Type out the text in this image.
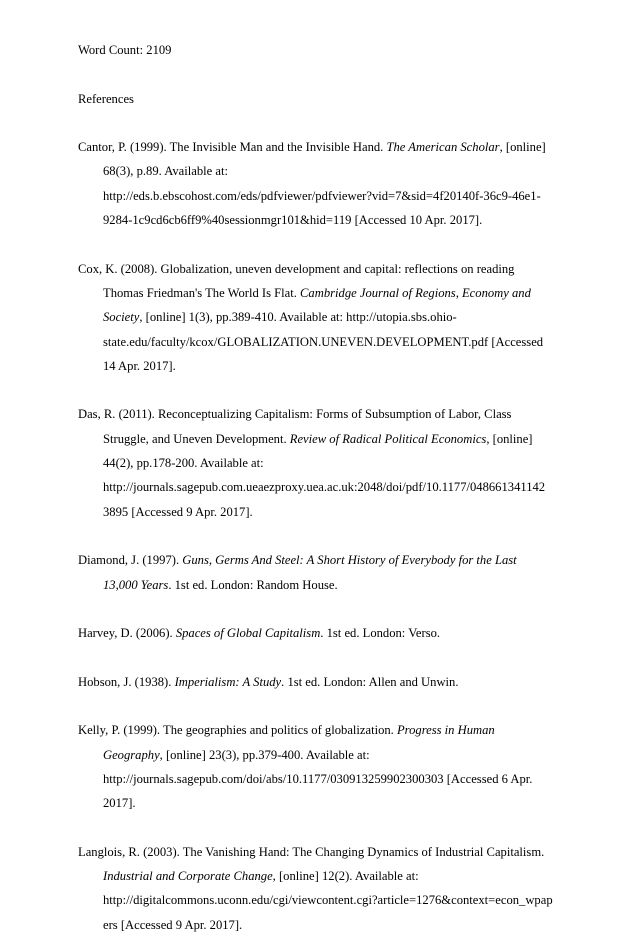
Word Count: 2109
References
Cantor, P. (1999). The Invisible Man and the Invisible Hand. The American Scholar, [online]
68(3), p.89. Available at:
http://eds.b.ebscohost.com/eds/pdfviewer/pdfviewer?vid=7&sid=4f20140f-36c9-46e1-
9284-1c9cd6cb6ff9%40sessionmgr101&hid=119 [Accessed 10 Apr. 2017].
Cox, K. (2008). Globalization, uneven development and capital: reflections on reading
Thomas Friedman's The World Is Flat. Cambridge Journal of Regions, Economy and
Society, [online] 1(3), pp.389-410. Available at: http://utopia.sbs.ohio-
state.edu/faculty/kcox/GLOBALIZATION.UNEVEN.DEVELOPMENT.pdf [Accessed
14 Apr. 2017].
Das, R. (2011). Reconceptualizing Capitalism: Forms of Subsumption of Labor, Class
Struggle, and Uneven Development. Review of Radical Political Economics, [online]
44(2), pp.178-200. Available at:
http://journals.sagepub.com.ueaezproxy.uea.ac.uk:2048/doi/pdf/10.1177/048661341142
3895 [Accessed 9 Apr. 2017].
Diamond, J. (1997). Guns, Germs And Steel: A Short History of Everybody for the Last
13,000 Years. 1st ed. London: Random House.
Harvey, D. (2006). Spaces of Global Capitalism. 1st ed. London: Verso.
Hobson, J. (1938). Imperialism: A Study. 1st ed. London: Allen and Unwin.
Kelly, P. (1999). The geographies and politics of globalization. Progress in Human
Geography, [online] 23(3), pp.379-400. Available at:
http://journals.sagepub.com/doi/abs/10.1177/030913259902300303 [Accessed 6 Apr.
2017].
Langlois, R. (2003). The Vanishing Hand: The Changing Dynamics of Industrial Capitalism.
Industrial and Corporate Change, [online] 12(2). Available at:
http://digitalcommons.uconn.edu/cgi/viewcontent.cgi?article=1276&context=econ_wpap
ers [Accessed 9 Apr. 2017].
